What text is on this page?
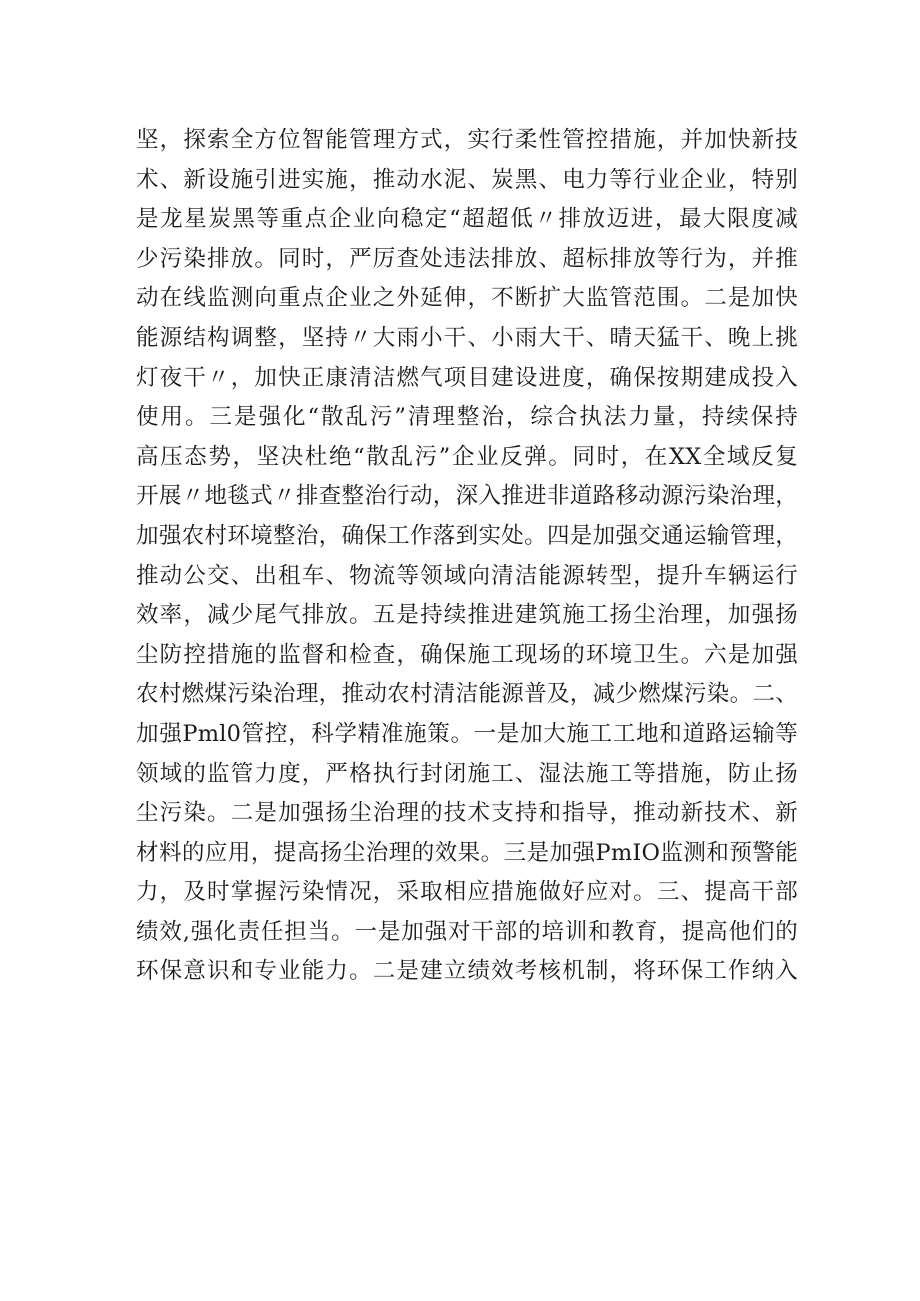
坚，探索全方位智能管理方式，实行柔性管控措施，并加快新技
术、新设施引进实施，推动水泥、炭黑、电力等行业企业，特别
是龙星炭黑等重点企业向稳定“超超低〃排放迈进，最大限度减
少污染排放。同时，严厉查处违法排放、超标排放等行为，并推
动在线监测向重点企业之外延伸，不断扩大监管范围。二是加快
能源结构调整，坚持〃大雨小干、小雨大干、晴天猛干、晚上挑
灯夜干〃，加快正康清洁燃气项目建设进度，确保按期建成投入
使用。三是强化“散乱污”清理整治，综合执法力量，持续保持
高压态势，坚决杜绝“散乱污”企业反弹。同时，在XX全域反复
开展〃地毯式〃排查整治行动，深入推进非道路移动源污染治理，
加强农村环境整治，确保工作落到实处。四是加强交通运输管理，
推动公交、出租车、物流等领域向清洁能源转型，提升车辆运行
效率，减少尾气排放。五是持续推进建筑施工扬尘治理，加强扬
尘防控措施的监督和检查，确保施工现场的环境卫生。六是加强
农村燃煤污染治理，推动农村清洁能源普及，减少燃煤污染。二、
加强Pml0管控，科学精准施策。一是加大施工工地和道路运输等
领域的监管力度，严格执行封闭施工、湿法施工等措施，防止扬
尘污染。二是加强扬尘治理的技术支持和指导，推动新技术、新
材料的应用，提高扬尘治理的效果。三是加强PmIO监测和预警能
力，及时掌握污染情况，采取相应措施做好应对。三、提高干部
绩效,强化责任担当。一是加强对干部的培训和教育，提高他们的
环保意识和专业能力。二是建立绩效考核机制，将环保工作纳入
